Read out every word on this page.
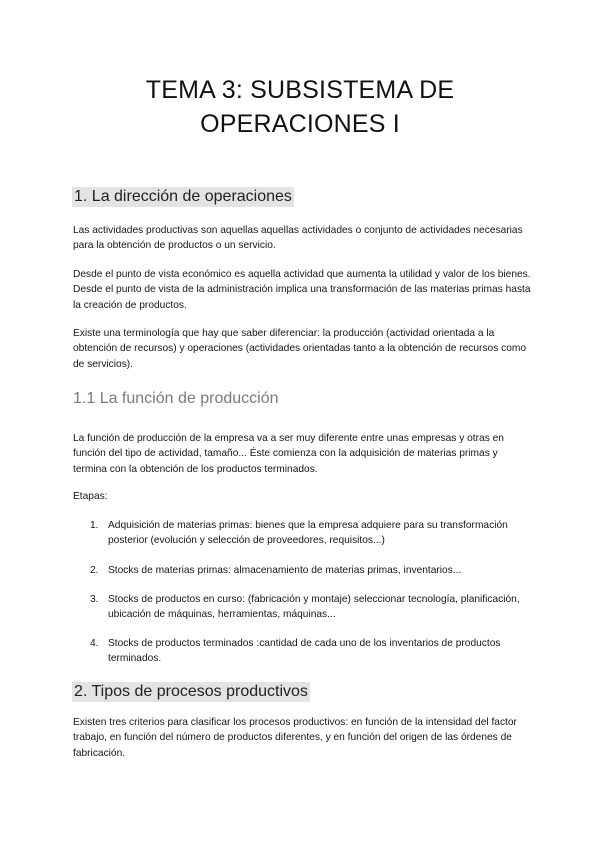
TEMA 3: SUBSISTEMA DE
OPERACIONES I
1. La dirección de operaciones

Las actividades productivas son aquellas aquellas actividades o conjunto de actividades necesarias para la obtención de productos o un servicio.

Desde el punto de vista económico es aquella actividad que aumenta la utilidad y valor de los bienes. Desde el punto de vista de la administración implica una transformación de las materias primas hasta la creación de productos.

Existe una terminología que hay que saber diferenciar: la producción (actividad orientada a la obtención de recursos) y operaciones (actividades orientadas tanto a la obtención de recursos como de servicios).

1.1 La función de producción

La función de producción de la empresa va a ser muy diferente entre unas empresas y otras en función del tipo de actividad, tamaño... Éste comienza con la adquisición de materias primas y termina con la obtención de los productos terminados.

Etapas:

1. Adquisición de materias primas: bienes que la empresa adquiere para su transformación posterior (evolución y selección de proveedores, requisitos...)
2. Stocks de materias primas: almacenamiento de materias primas, inventarios...
3. Stocks de productos en curso: (fabricación y montaje) seleccionar tecnología, planificación, ubicación de máquinas, herramientas, máquinas...
4. Stocks de productos terminados :cantidad de cada uno de los inventarios de productos terminados.
2. Tipos de procesos productivos

Existen tres criterios para clasificar los procesos productivos: en función de la intensidad del factor trabajo, en función del número de productos diferentes, y en función del origen de las órdenes de fabricación.
